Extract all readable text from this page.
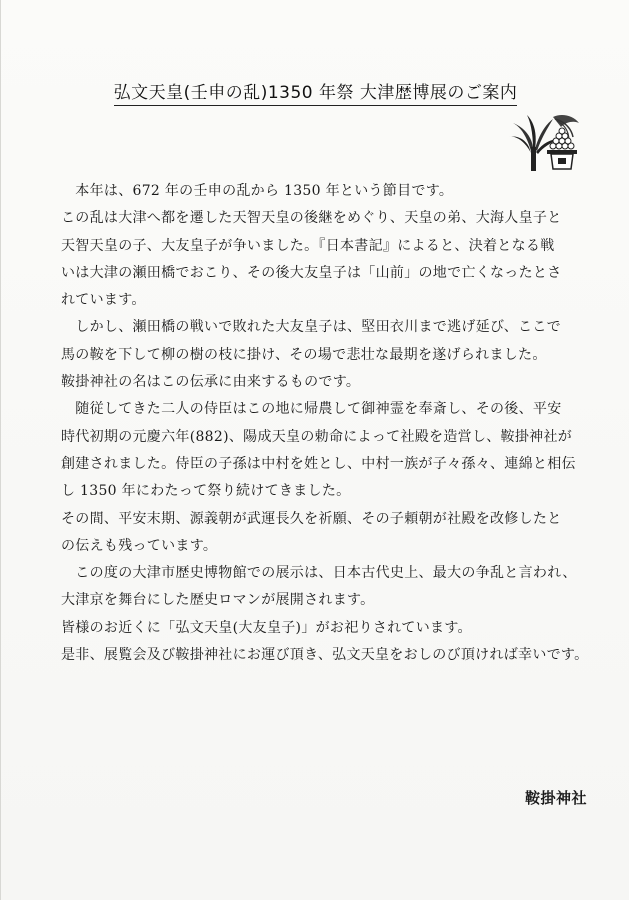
弘文天皇(壬申の乱)1350 年祭 大津歴博展のご案内

　本年は、672 年の壬申の乱から 1350 年という節目です。

この乱は大津へ都を遷した天智天皇の後継をめぐり、天皇の弟、大海人皇子と

天智天皇の子、大友皇子が争いました。『日本書記』によると、決着となる戦

いは大津の瀬田橋でおこり、その後大友皇子は「山前」の地で亡くなったとさ

れています。

　しかし、瀬田橋の戦いで敗れた大友皇子は、堅田衣川まで逃げ延び、ここで

馬の鞍を下して柳の樹の枝に掛け、その場で悲壮な最期を遂げられました。

鞍掛神社の名はこの伝承に由来するものです。

　随従してきた二人の侍臣はこの地に帰農して御神霊を奉斎し、その後、平安

時代初期の元慶六年(882)、陽成天皇の勅命によって社殿を造営し、鞍掛神社が

創建されました。侍臣の子孫は中村を姓とし、中村一族が子々孫々、連綿と相伝

し 1350 年にわたって祭り続けてきました。

その間、平安末期、源義朝が武運長久を祈願、その子頼朝が社殿を改修したと

の伝えも残っています。

　この度の大津市歴史博物館での展示は、日本古代史上、最大の争乱と言われ、

大津京を舞台にした歴史ロマンが展開されます。

皆様のお近くに「弘文天皇(大友皇子)」がお祀りされています。

是非、展覧会及び鞍掛神社にお運び頂き、弘文天皇をおしのび頂ければ幸いです。

鞍掛神社
